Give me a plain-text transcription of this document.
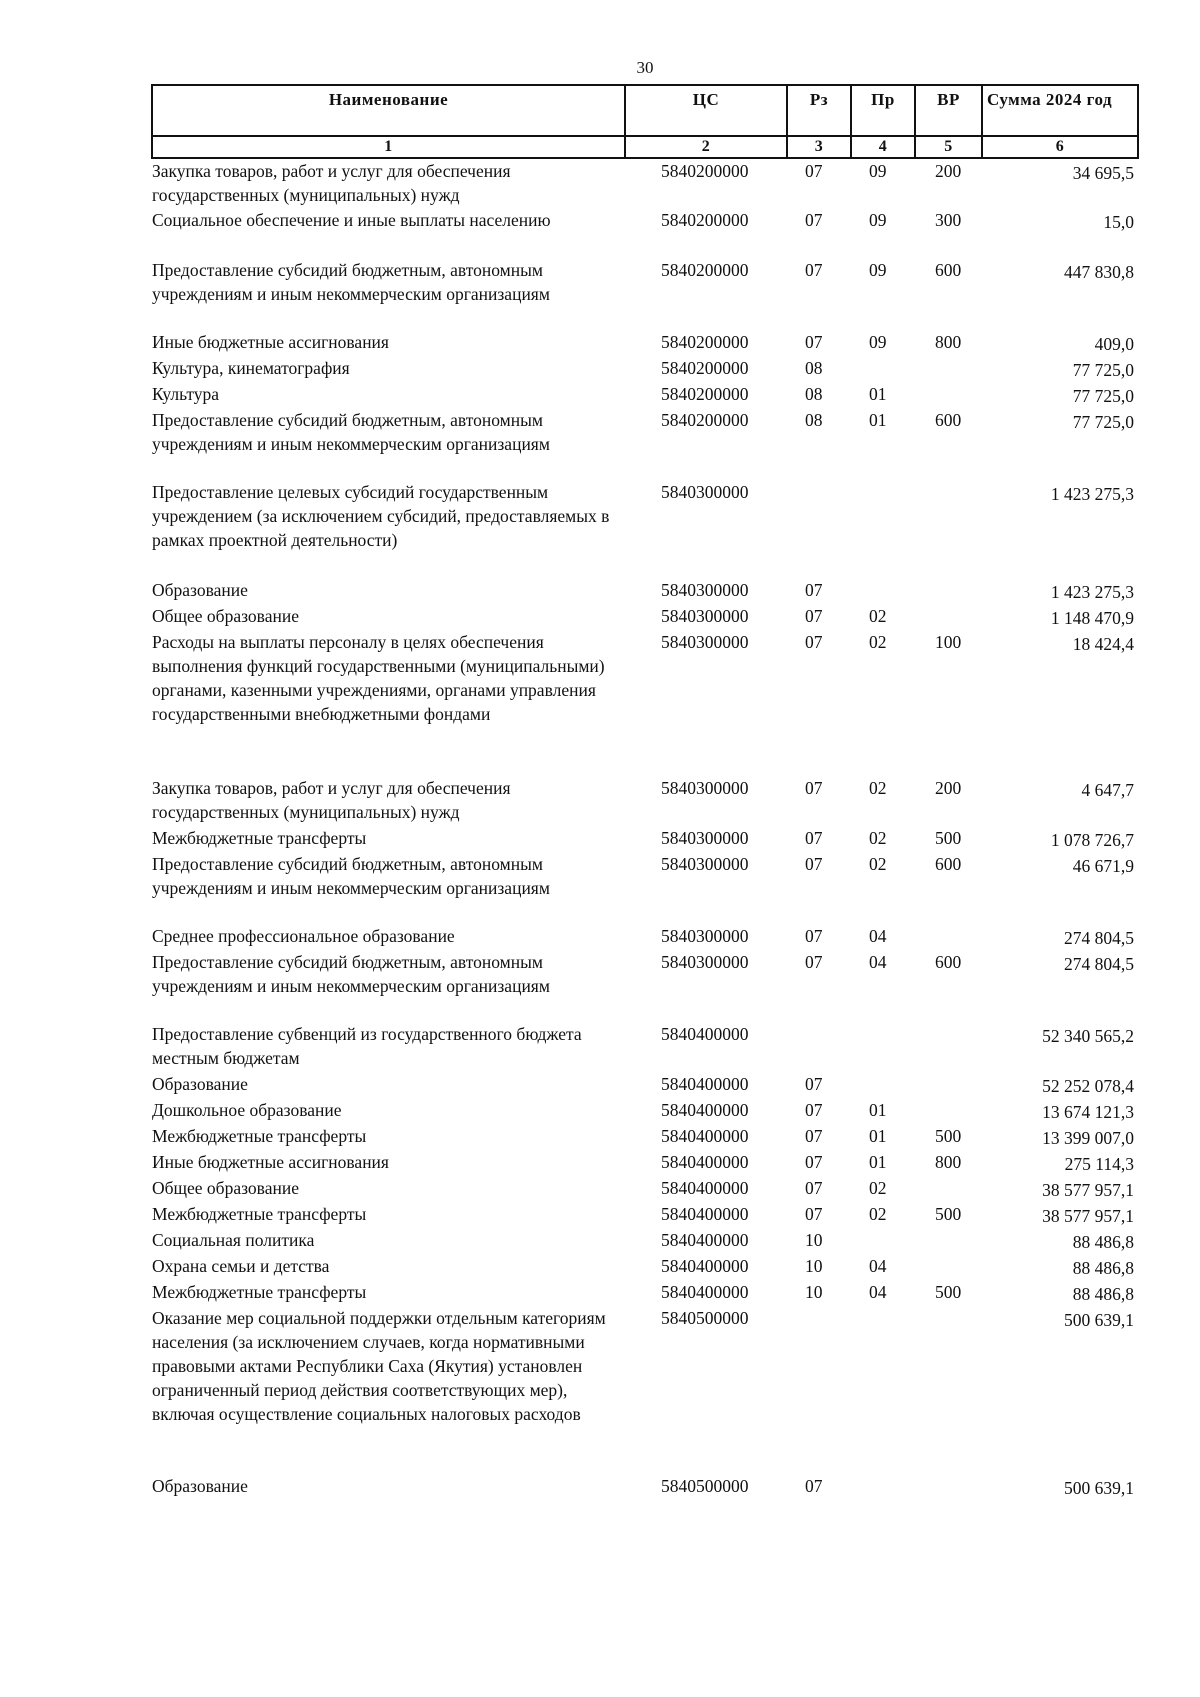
30
Наименование	ЦС	Рз	Пр	ВР	Сумма 2024 год
1	2	3	4	5	6
Закупка товаров, работ и услуг для обеспечения государственных (муниципальных) нужд	5840200000	07	09	200	34 695,5
Социальное обеспечение и иные выплаты населению	5840200000	07	09	300	15,0
Предоставление субсидий бюджетным, автономным учреждениям и иным некоммерческим организациям	5840200000	07	09	600	447 830,8
Иные бюджетные ассигнования	5840200000	07	09	800	409,0
Культура, кинематография	5840200000	08			77 725,0
Культура	5840200000	08	01		77 725,0
Предоставление субсидий бюджетным, автономным учреждениям и иным некоммерческим организациям	5840200000	08	01	600	77 725,0
Предоставление целевых субсидий государственным учреждением (за исключением субсидий, предоставляемых в рамках проектной деятельности)	5840300000				1 423 275,3
Образование	5840300000	07			1 423 275,3
Общее образование	5840300000	07	02		1 148 470,9
Расходы на выплаты персоналу в целях обеспечения выполнения функций государственными (муниципальными) органами, казенными учреждениями, органами управления государственными внебюджетными фондами	5840300000	07	02	100	18 424,4
Закупка товаров, работ и услуг для обеспечения государственных (муниципальных) нужд	5840300000	07	02	200	4 647,7
Межбюджетные трансферты	5840300000	07	02	500	1 078 726,7
Предоставление субсидий бюджетным, автономным учреждениям и иным некоммерческим организациям	5840300000	07	02	600	46 671,9
Среднее профессиональное образование	5840300000	07	04		274 804,5
Предоставление субсидий бюджетным, автономным учреждениям и иным некоммерческим организациям	5840300000	07	04	600	274 804,5
Предоставление субвенций из государственного бюджета местным бюджетам	5840400000				52 340 565,2
Образование	5840400000	07			52 252 078,4
Дошкольное образование	5840400000	07	01		13 674 121,3
Межбюджетные трансферты	5840400000	07	01	500	13 399 007,0
Иные бюджетные ассигнования	5840400000	07	01	800	275 114,3
Общее образование	5840400000	07	02		38 577 957,1
Межбюджетные трансферты	5840400000	07	02	500	38 577 957,1
Социальная политика	5840400000	10			88 486,8
Охрана семьи и детства	5840400000	10	04		88 486,8
Межбюджетные трансферты	5840400000	10	04	500	88 486,8
Оказание мер социальной поддержки отдельным категориям населения (за исключением случаев, когда нормативными правовыми актами Республики Саха (Якутия) установлен ограниченный период действия соответствующих мер), включая осуществление социальных налоговых расходов	5840500000				500 639,1
Образование	5840500000	07			500 639,1
